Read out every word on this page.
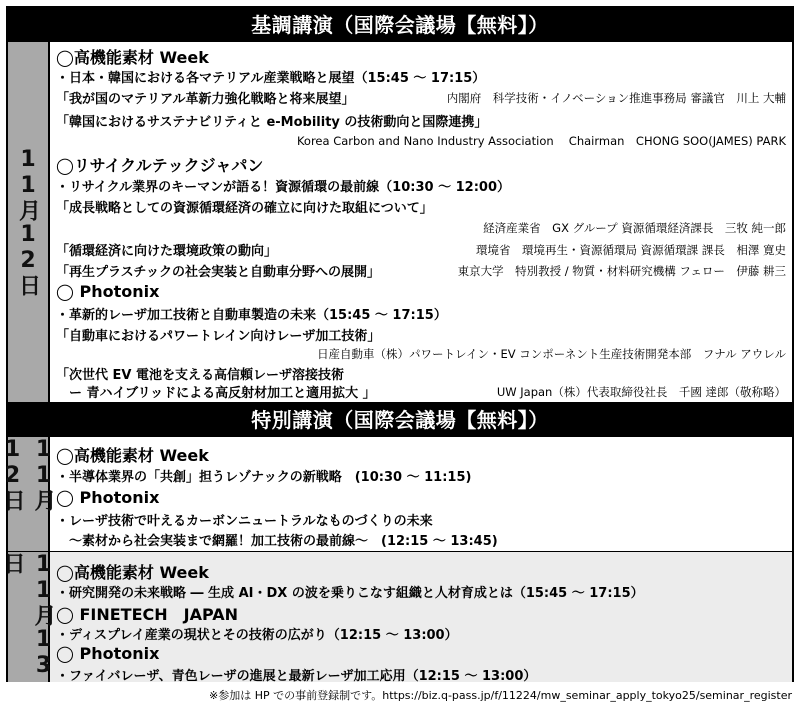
基調講演（国際会議場【無料】）
11月12日
◯高機能素材 Week
・日本・韓国における各マテリアル産業戦略と展望（15:45 ～ 17:15）
「我が国のマテリアル革新力強化戦略と将来展望」	内閣府　科学技術・イノベーション推進事務局 審議官　川上 大輔
「韓国におけるサステナビリティと e-Mobility の技術動向と国際連携」
Korea Carbon and Nano Industry Association　 Chairman　CHONG SOO(JAMES) PARK
◯リサイクルテックジャパン
・リサイクル業界のキーマンが語る！資源循環の最前線（10:30 ～ 12:00）
「成長戦略としての資源循環経済の確立に向けた取組について」
経済産業省　GX グループ 資源循環経済課長　三牧 純一郎
「循環経済に向けた環境政策の動向」	環境省　環境再生・資源循環局 資源循環課 課長　相澤 寛史
「再生プラスチックの社会実装と自動車分野への展開」	東京大学　特別教授 / 物質・材料研究機構 フェロー　伊藤 耕三
◯ Photonix
・革新的レーザ加工技術と自動車製造の未来（15:45 ～ 17:15）
「自動車におけるパワートレイン向けレーザ加工技術」
日産自動車（株）パワートレイン・EV コンポーネント生産技術開発本部　フナル アウレル
「次世代 EV 電池を支える高信頼レーザ溶接技術
　ー 青ハイブリッドによる高反射材加工と適用拡大 」	UW Japan（株）代表取締役社長　千國 達郎（敬称略）
特別講演（国際会議場【無料】）
11月12日	◯高機能素材 Week
・半導体業界の「共創」担うレゾナックの新戦略　(10:30 ～ 11:15)
◯ Photonix
・レーザ技術で叶えるカーボンニュートラルなものづくりの未来
　～素材から社会実装まで網羅！加工技術の最前線～　(12:15 ～ 13:45)
11月13日	◯高機能素材 Week
・研究開発の未来戦略 ― 生成 AI・DX の波を乗りこなす組織と人材育成とは（15:45 ～ 17:15）
◯ FINETECH　JAPAN
・ディスプレイ産業の現状とその技術の広がり（12:15 ～ 13:00）
◯ Photonix
・ファイバレーザ、青色レーザの進展と最新レーザ加工応用（12:15 ～ 13:00）
※参加は HP での事前登録制です。https://biz.q-pass.jp/f/11224/mw_seminar_apply_tokyo25/seminar_register
